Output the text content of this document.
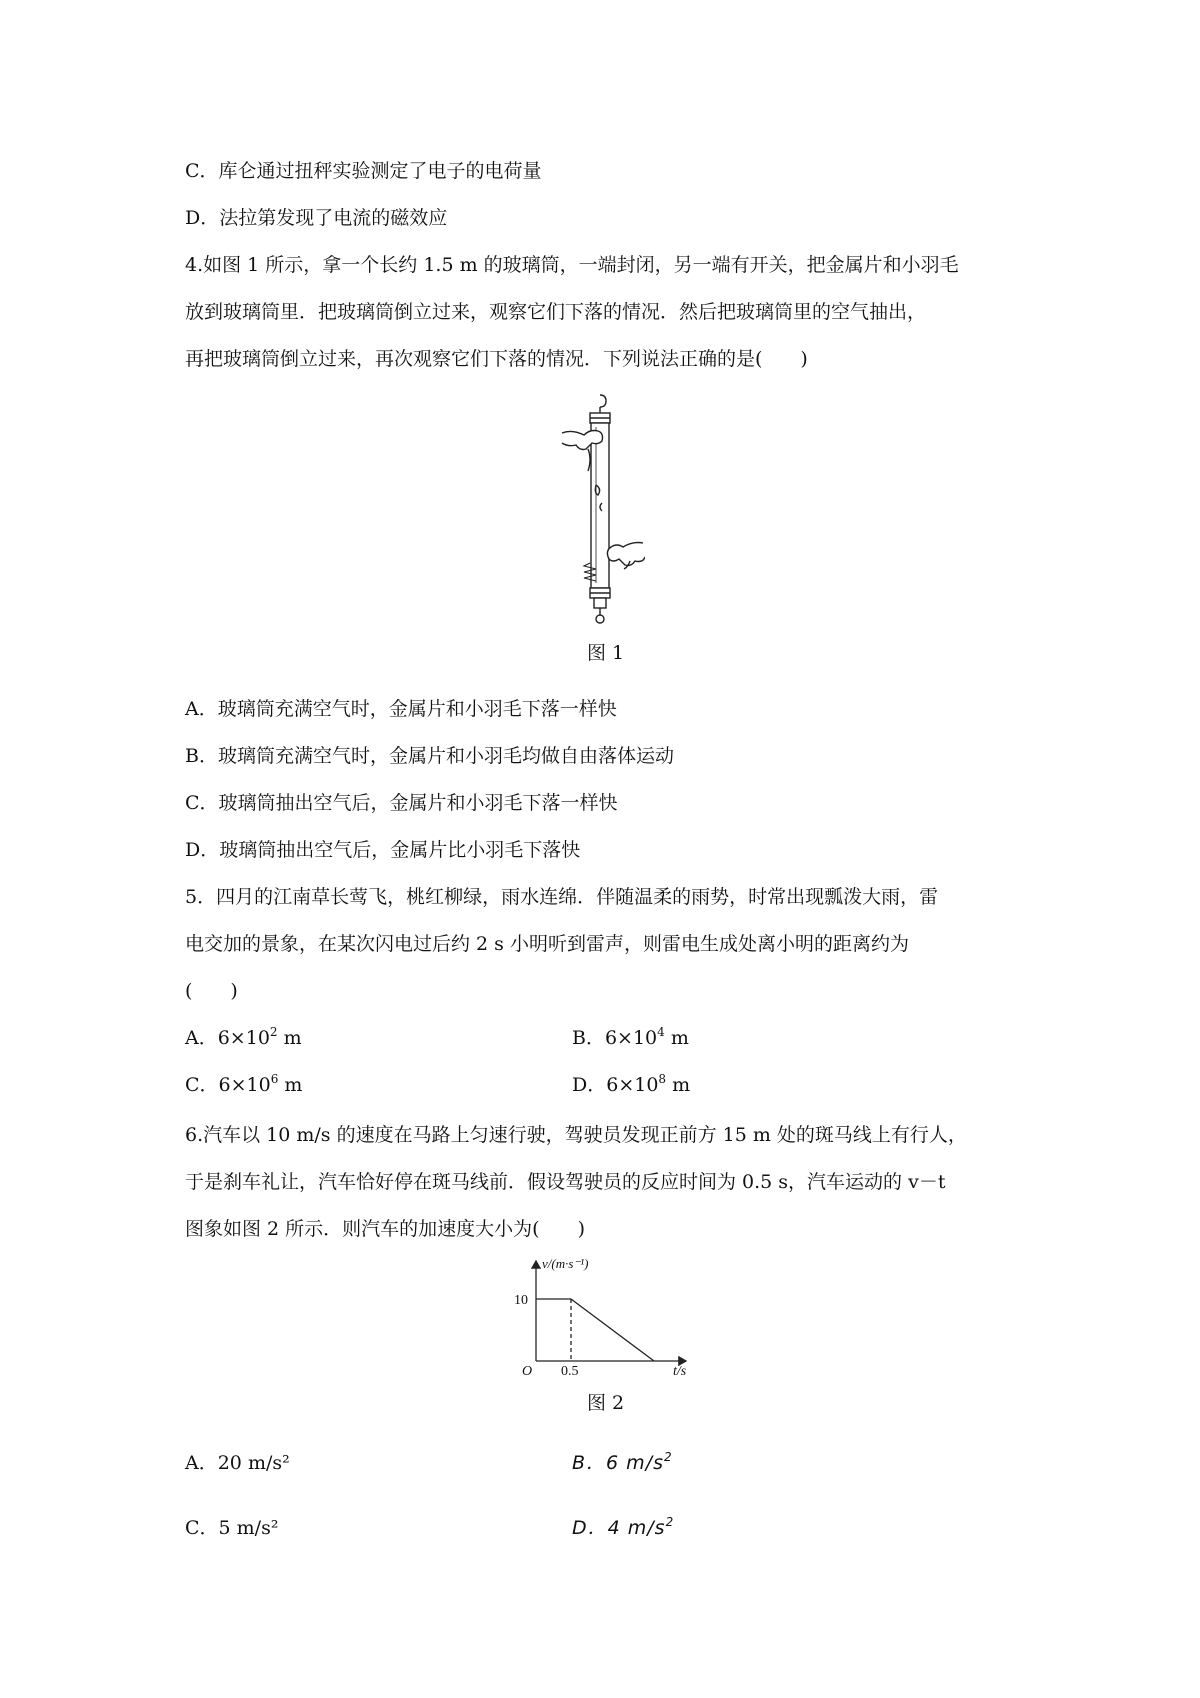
C．库仑通过扭秤实验测定了电子的电荷量
D．法拉第发现了电流的磁效应
4.如图 1 所示，拿一个长约 1.5 m 的玻璃筒，一端封闭，另一端有开关，把金属片和小羽毛
放到玻璃筒里．把玻璃筒倒立过来，观察它们下落的情况．然后把玻璃筒里的空气抽出，
再把玻璃筒倒立过来，再次观察它们下落的情况．下列说法正确的是(　　)
图 1
A．玻璃筒充满空气时，金属片和小羽毛下落一样快
B．玻璃筒充满空气时，金属片和小羽毛均做自由落体运动
C．玻璃筒抽出空气后，金属片和小羽毛下落一样快
D．玻璃筒抽出空气后，金属片比小羽毛下落快
5．四月的江南草长莺飞，桃红柳绿，雨水连绵．伴随温柔的雨势，时常出现瓢泼大雨，雷
电交加的景象，在某次闪电过后约 2 s 小明听到雷声，则雷电生成处离小明的距离约为
(　　)
A．$6\times 10^2$ m	B．$6\times 10^4$ m
C．$6\times 10^6$ m	D．$6\times 10^8$ m
6.汽车以 10 m/s 的速度在马路上匀速行驶，驾驶员发现正前方 15 m 处的斑马线上有行人，
于是刹车礼让，汽车恰好停在斑马线前．假设驾驶员的反应时间为 0.5 s，汽车运动的 v－t
图象如图 2 所示．则汽车的加速度大小为(　　)
v/(m·s⁻¹)
t/s
O
10
0.5
图 2
A．20 m/s²	B．6 $m/s^2$
C．5 m/s²	D．4 $m/s^2$
